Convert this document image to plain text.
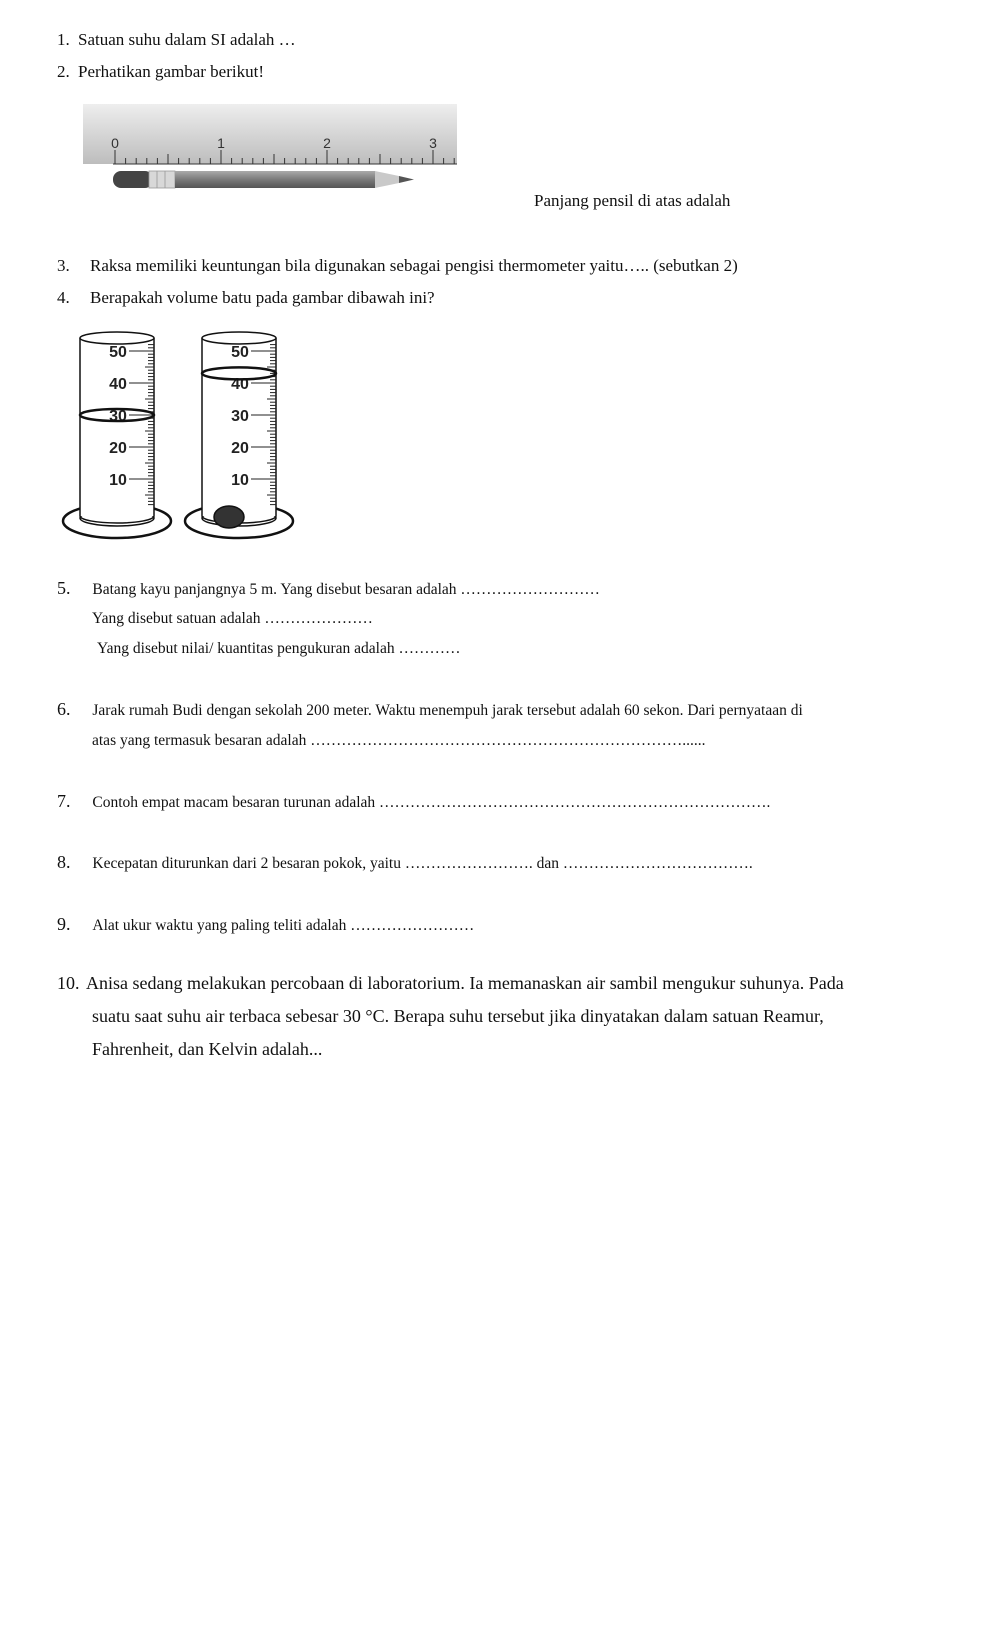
1. Satuan suhu dalam SI adalah …
2. Perhatikan gambar berikut!
0	1	2	3
Panjang pensil di atas adalah
3. Raksa memiliki keuntungan bila digunakan sebagai pengisi thermometer yaitu….. (sebutkan 2)
4. Berapakah volume batu pada gambar dibawah ini?
50
40
30
20
10
50
40
30
20
10
5. Batang kayu panjangnya 5 m. Yang disebut besaran adalah ………………………
Yang disebut satuan adalah …………………
Yang disebut nilai/ kuantitas pengukuran adalah …………
6. Jarak rumah Budi dengan sekolah 200 meter. Waktu menempuh jarak tersebut adalah 60 sekon. Dari pernyataan di
atas yang termasuk besaran adalah ………………………………………………………………......
7. Contoh empat macam besaran turunan adalah ………………………………………………………………….
8. Kecepatan diturunkan dari 2 besaran pokok, yaitu ……………………. dan ……………………………….
9. Alat ukur waktu yang paling teliti adalah ……………………
10. Anisa sedang melakukan percobaan di laboratorium. Ia memanaskan air sambil mengukur suhunya. Pada
suatu saat suhu air terbaca sebesar 30 °C. Berapa suhu tersebut jika dinyatakan dalam satuan Reamur,
Fahrenheit, dan Kelvin adalah...
